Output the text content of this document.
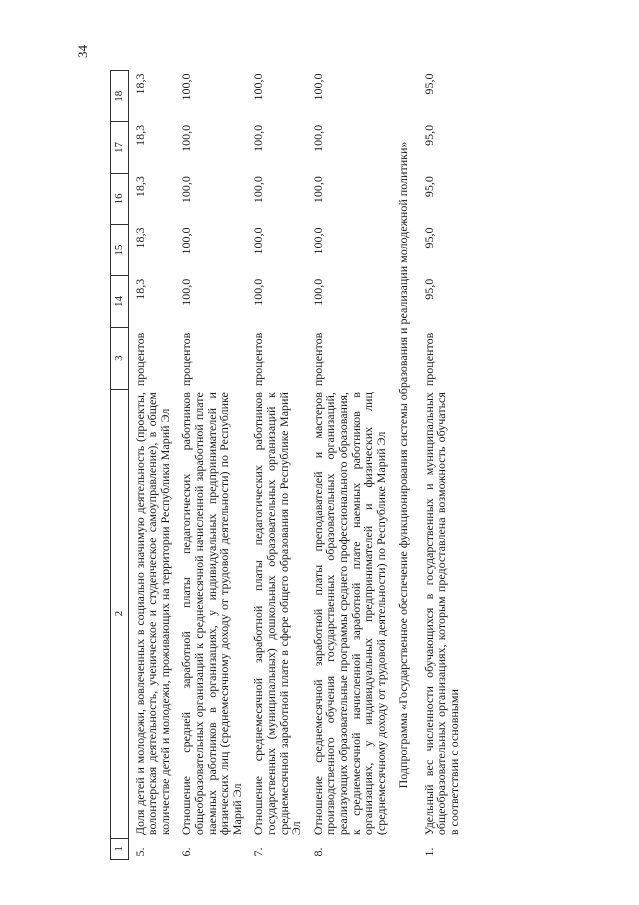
34
1	2	3	14	15	16	17	18
5.	Доля детей и молодежи, вовлеченных в социально значимую деятельность (проекты, волонтерская деятельность, ученическое и студенческое самоуправление), в общем количестве детей и молодежи, проживающих на территории Республики Марий Эл	процентов	18,3	18,3	18,3	18,3	18,3
6.	Отношение средней заработной платы педагогических работников общеобразовательных организаций к среднемесячной начисленной заработной плате наемных работников в организациях, у индивидуальных предпринимателей и физических лиц (среднемесячному доходу от трудовой деятельности) по Республике Марий Эл	процентов	100,0	100,0	100,0	100,0	100,0
7.	Отношение среднемесячной заработной платы педагогических работников государственных (муниципальных) дошкольных образовательных организаций к среднемесячной заработной плате в сфере общего образования по Республике Марий Эл	процентов	100,0	100,0	100,0	100,0	100,0
8.	Отношение среднемесячной заработной платы преподавателей и мастеров производственного обучения государственных образовательных организаций, реализующих образовательные программы среднего профессионального образования, к среднемесячной начисленной заработной плате наемных работников в организациях, у индивидуальных предпринимателей и физических лиц (среднемесячному доходу от трудовой деятельности) по Республике Марий Эл	процентов	100,0	100,0	100,0	100,0	100,0
Подпрограмма «Государственное обеспечение функционирования системы образования и реализации молодежной политики»							
1.	Удельный вес численности обучающихся в государственных и муниципальных общеобразовательных организациях, которым предоставлена возможность обучаться в соответствии с основными	процентов	95,0	95,0	95,0	95,0	95,0
